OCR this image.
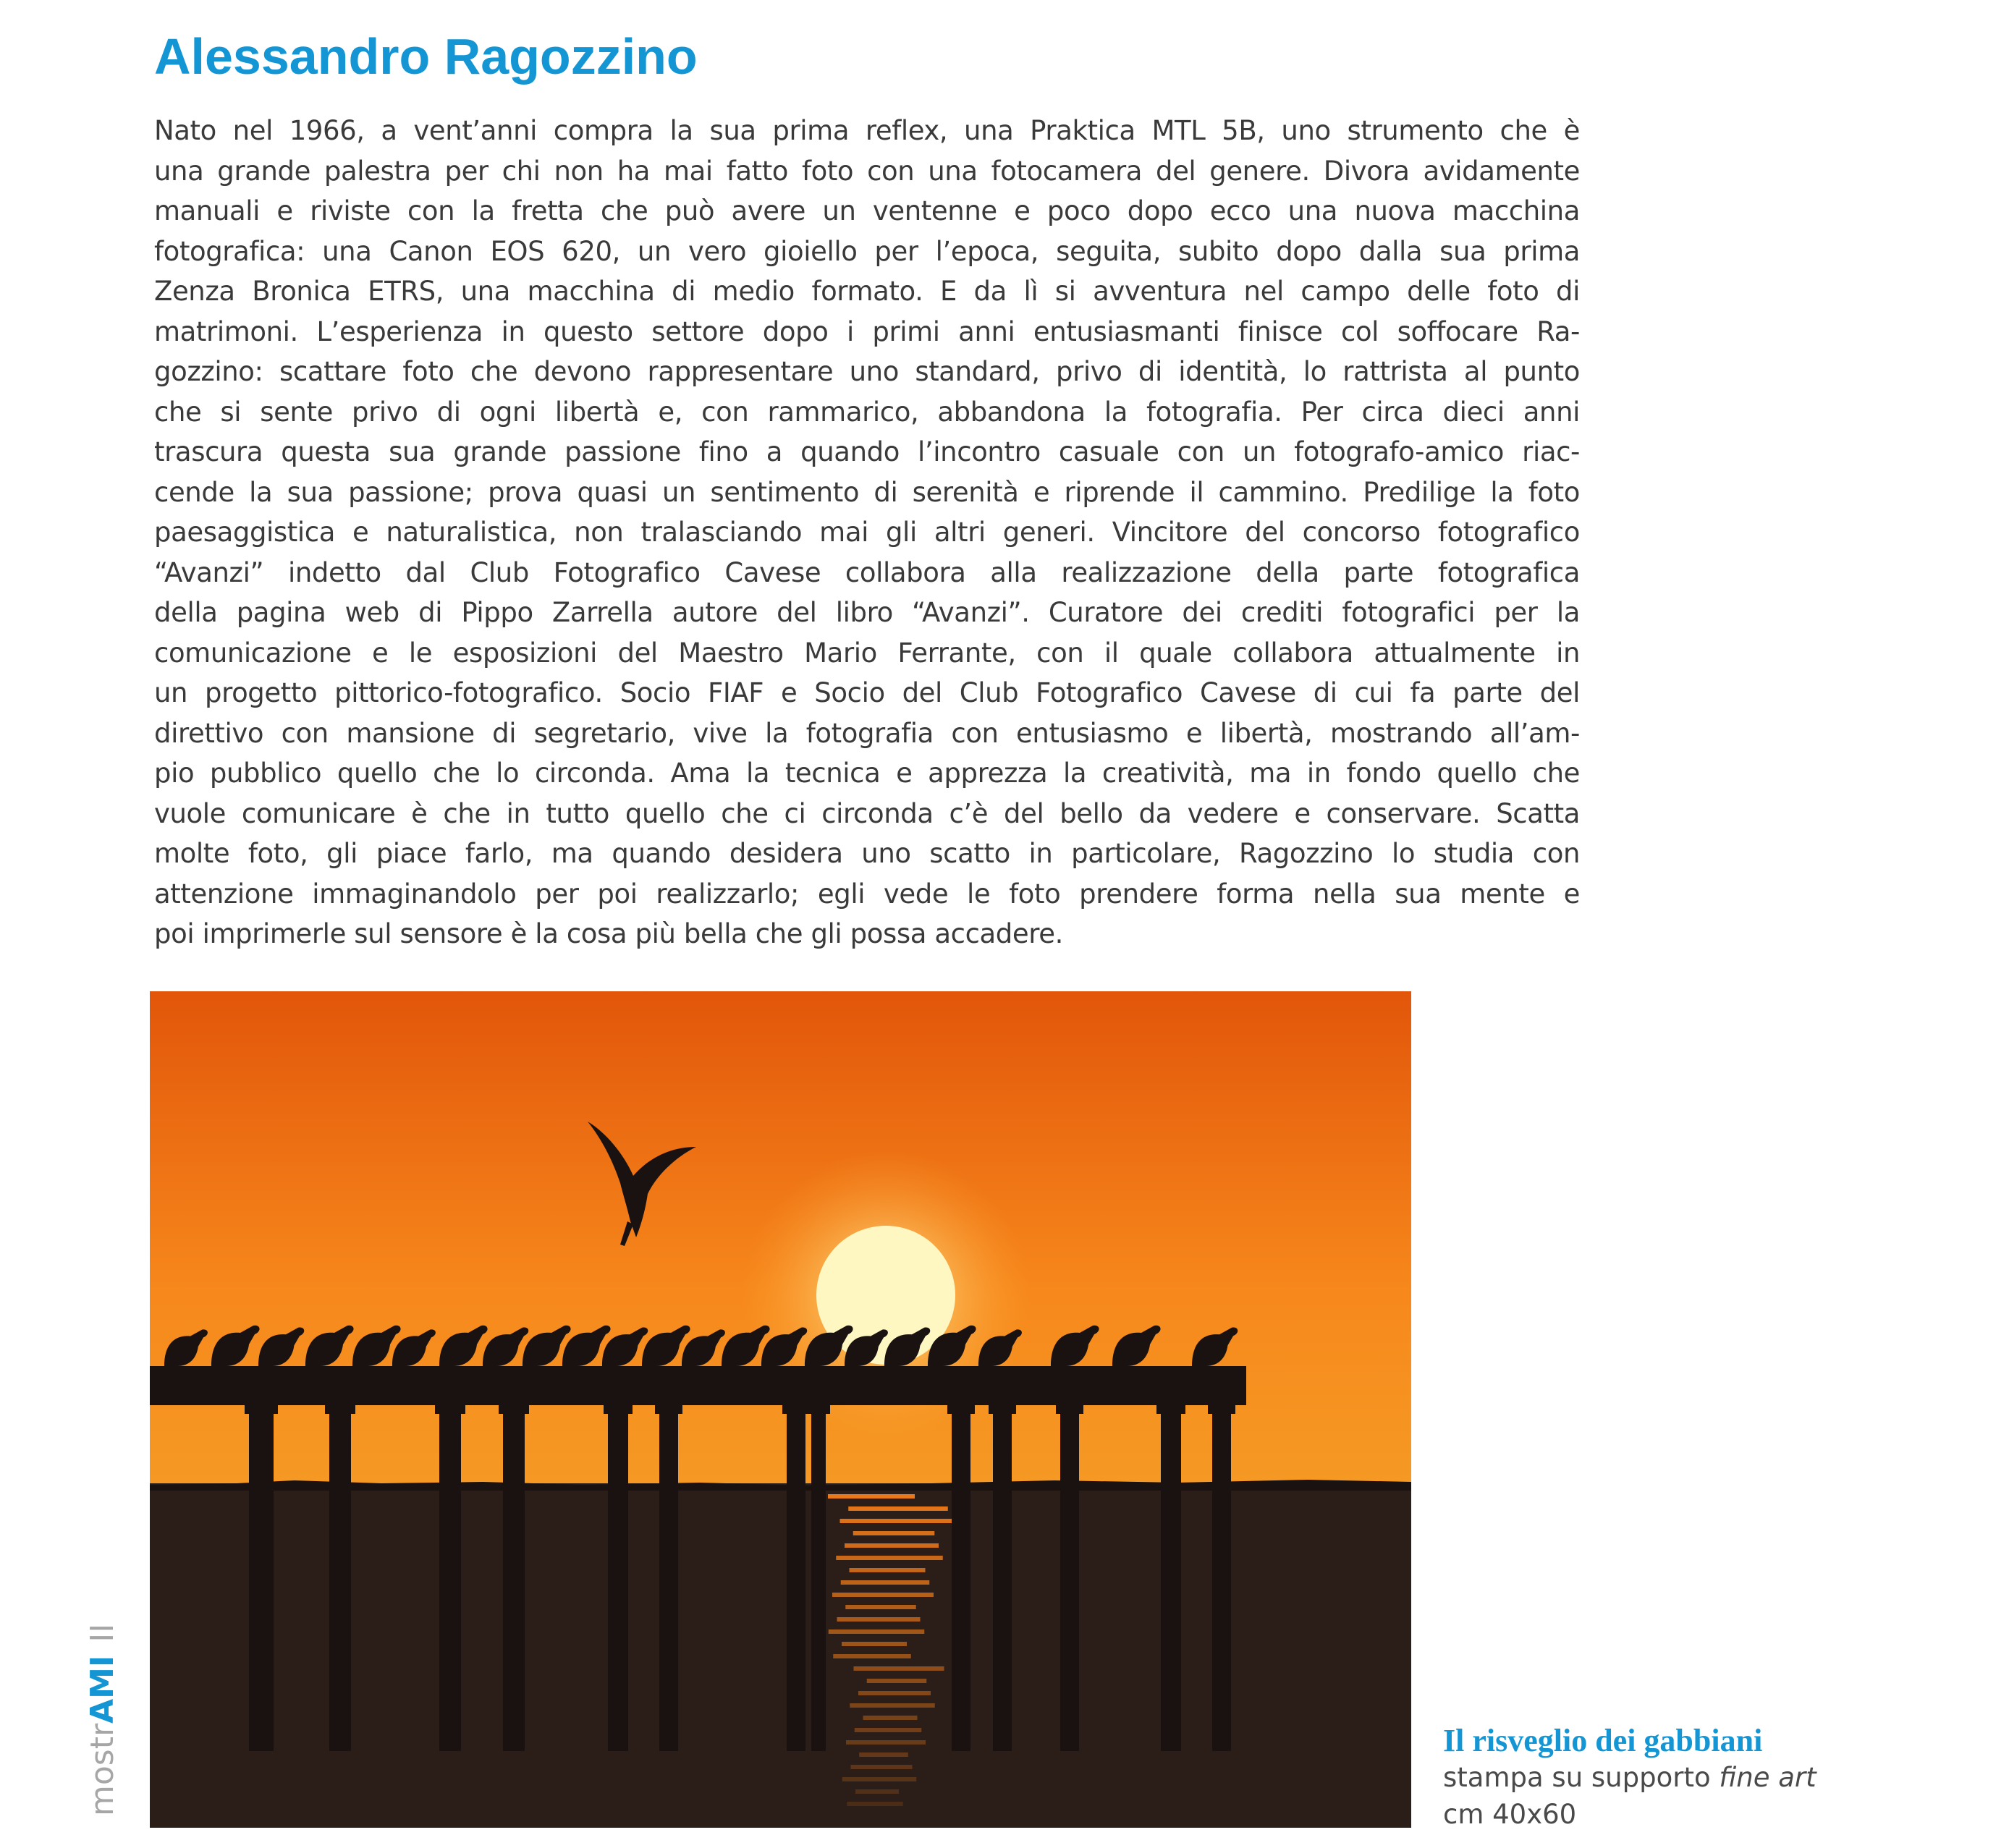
Alessandro Ragozzino
Nato nel 1966, a vent’anni compra la sua prima reflex, una Praktica MTL 5B, uno strumento che è
una grande palestra per chi non ha mai fatto foto con una fotocamera del genere. Divora avidamente
manuali e riviste con la fretta che può avere un ventenne e poco dopo ecco una nuova macchina
fotografica: una Canon EOS 620, un vero gioiello per l’epoca, seguita, subito dopo dalla sua prima
Zenza Bronica ETRS, una macchina di medio formato. E da lì si avventura nel campo delle foto di
matrimoni. L’esperienza in questo settore dopo i primi anni entusiasmanti finisce col soffocare Ra-
gozzino: scattare foto che devono rappresentare uno standard, privo di identità, lo rattrista al punto
che si sente privo di ogni libertà e, con rammarico, abbandona la fotografia. Per circa dieci anni
trascura questa sua grande passione fino a quando l’incontro casuale con un fotografo-amico riac-
cende la sua passione; prova quasi un sentimento di serenità e riprende il cammino. Predilige la foto
paesaggistica e naturalistica, non tralasciando mai gli altri generi. Vincitore del concorso fotografico
“Avanzi” indetto dal Club Fotografico Cavese collabora alla realizzazione della parte fotografica
della pagina web di Pippo Zarrella autore del libro “Avanzi”. Curatore dei crediti fotografici per la
comunicazione e le esposizioni del Maestro Mario Ferrante, con il quale collabora attualmente in
un progetto pittorico-fotografico. Socio FIAF e Socio del Club Fotografico Cavese di cui fa parte del
direttivo con mansione di segretario, vive la fotografia con entusiasmo e libertà, mostrando all’am-
pio pubblico quello che lo circonda. Ama la tecnica e apprezza la creatività, ma in fondo quello che
vuole comunicare è che in tutto quello che ci circonda c’è del bello da vedere e conservare. Scatta
molte foto, gli piace farlo, ma quando desidera uno scatto in particolare, Ragozzino lo studia con
attenzione immaginandolo per poi realizzarlo; egli vede le foto prendere forma nella sua mente e
poi imprimerle sul sensore è la cosa più bella che gli possa accadere.
Il risveglio dei gabbiani
stampa su supporto fine art
cm 40x60
mostrAMIII
